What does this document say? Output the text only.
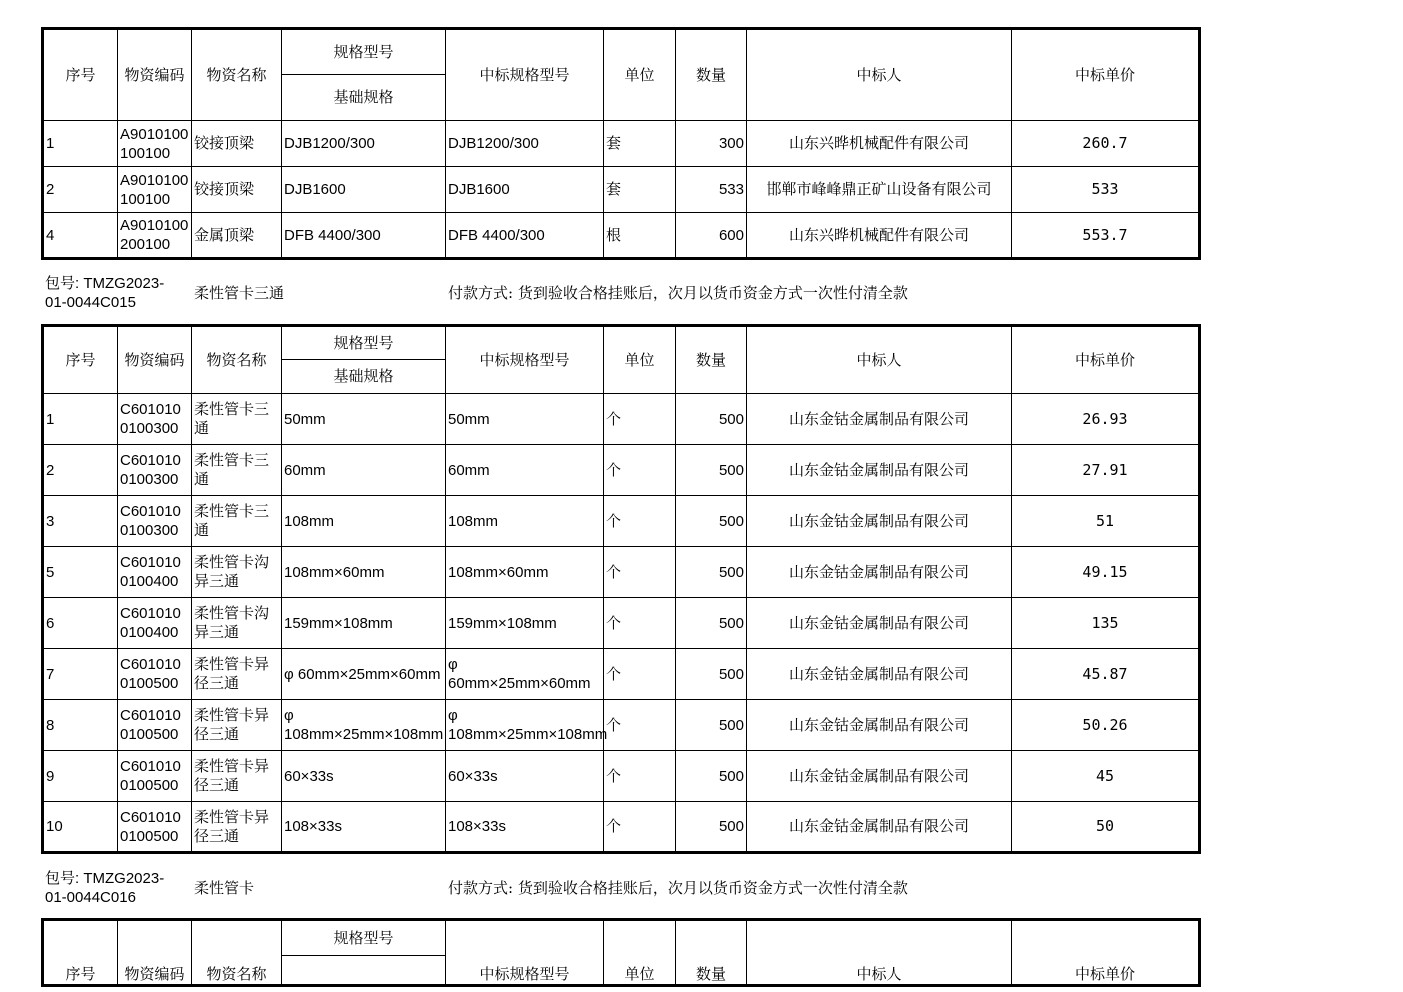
序号	物资编码	物资名称	规格型号	中标规格型号	单位	数量	中标人	中标单价
			基础规格					

1	A9010100100100	铰接顶梁	DJB1200/300	DJB1200/300	套	300	山东兴晔机械配件有限公司	260.7

2	A9010100100100	铰接顶梁	DJB1600	DJB1600	套	533	邯郸市峰峰鼎正矿山设备有限公司	533

4	A9010100200100	金属顶梁	DFB 4400/300	DFB 4400/300	根	600	山东兴晔机械配件有限公司	553.7
包号: TMZG2023-01-0044C015
柔性管卡三通	付款方式: 货到验收合格挂账后，次月以货币资金方式一次性付清全款
序号	物资编码	物资名称	规格型号	中标规格型号	单位	数量	中标人	中标单价
			基础规格					

1	C6010100100300	柔性管卡三通	50mm	50mm	个	500	山东金钴金属制品有限公司	26.93

2	C6010100100300	柔性管卡三通	60mm	60mm	个	500	山东金钴金属制品有限公司	27.91

3	C6010100100300	柔性管卡三通	108mm	108mm	个	500	山东金钴金属制品有限公司	51

5	C6010100100400	柔性管卡沟异三通	108mm×60mm	108mm×60mm	个	500	山东金钴金属制品有限公司	49.15

6	C6010100100400	柔性管卡沟异三通	159mm×108mm	159mm×108mm	个	500	山东金钴金属制品有限公司	135

7	C6010100100500	柔性管卡异径三通	φ 60mm×25mm×60mm	φ 60mm×25mm×60mm	个	500	山东金钴金属制品有限公司	45.87

8	C6010100100500	柔性管卡异径三通	φ 108mm×25mm×108mm	φ 108mm×25mm×108mm	个	500	山东金钴金属制品有限公司	50.26

9	C6010100100500	柔性管卡异径三通	60×33s	60×33s	个	500	山东金钴金属制品有限公司	45

10	C6010100100500	柔性管卡异径三通	108×33s	108×33s	个	500	山东金钴金属制品有限公司	50
包号: TMZG2023-01-0044C016
柔性管卡	付款方式: 货到验收合格挂账后，次月以货币资金方式一次性付清全款
序号	物资编码	物资名称	规格型号	中标规格型号	单位	数量	中标人	中标单价
